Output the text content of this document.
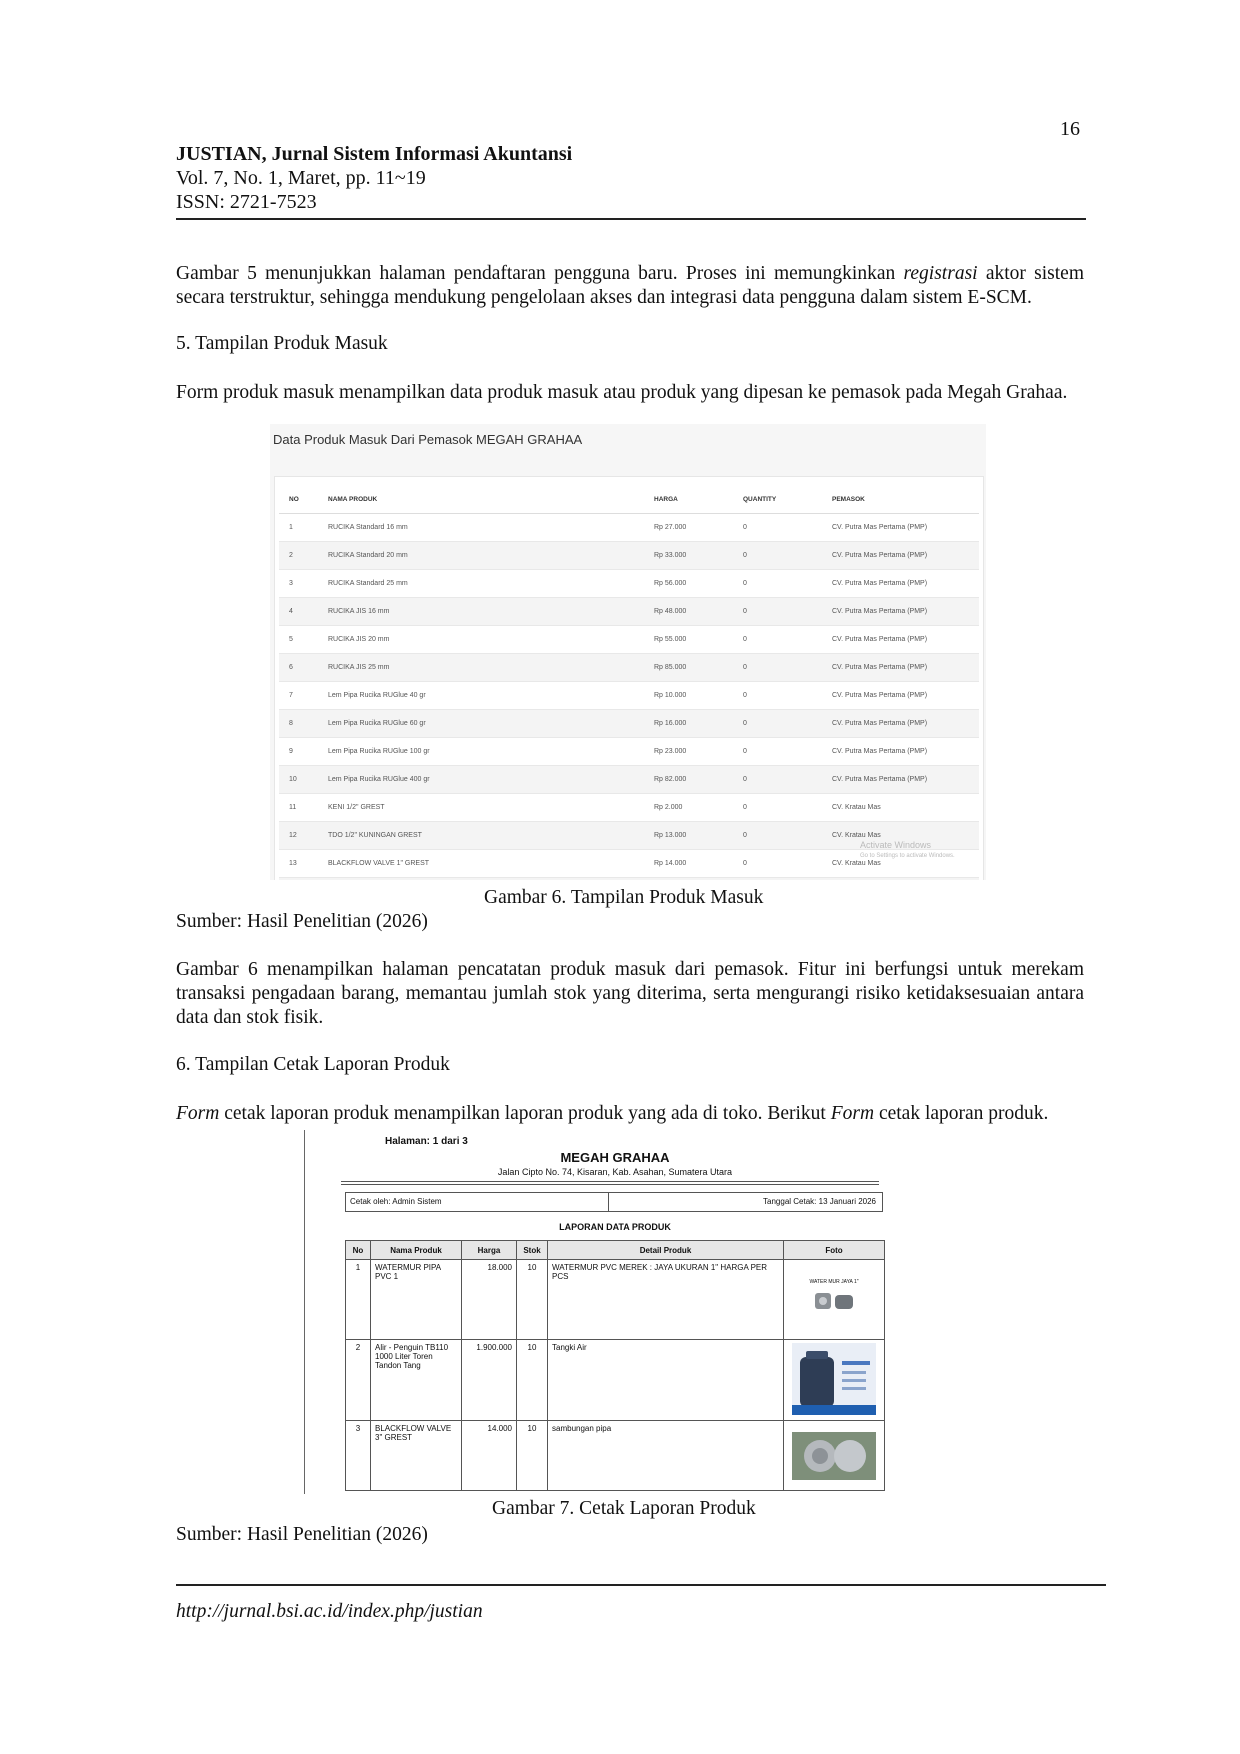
16
JUSTIAN, Jurnal Sistem Informasi Akuntansi
Vol. 7, No. 1, Maret, pp. 11~19
ISSN: 2721-7523
Gambar 5 menunjukkan halaman pendaftaran pengguna baru. Proses ini memungkinkan registrasi aktor sistem secara terstruktur, sehingga mendukung pengelolaan akses dan integrasi data pengguna dalam sistem E-SCM.
5. Tampilan Produk Masuk
Form produk masuk menampilkan data produk masuk atau produk yang dipesan ke pemasok pada Megah Grahaa.
Data Produk Masuk Dari Pemasok MEGAH GRAHAA
NO	NAMA PRODUK	HARGA	QUANTITY	PEMASOK
1	RUCIKA Standard 16 mm	Rp 27.000	0	CV. Putra Mas Pertama (PMP)
2	RUCIKA Standard 20 mm	Rp 33.000	0	CV. Putra Mas Pertama (PMP)
3	RUCIKA Standard 25 mm	Rp 56.000	0	CV. Putra Mas Pertama (PMP)
4	RUCIKA JIS 16 mm	Rp 48.000	0	CV. Putra Mas Pertama (PMP)
5	RUCIKA JIS 20 mm	Rp 55.000	0	CV. Putra Mas Pertama (PMP)
6	RUCIKA JIS 25 mm	Rp 85.000	0	CV. Putra Mas Pertama (PMP)
7	Lem Pipa Rucika RUGlue 40 gr	Rp 10.000	0	CV. Putra Mas Pertama (PMP)
8	Lem Pipa Rucika RUGlue 60 gr	Rp 16.000	0	CV. Putra Mas Pertama (PMP)
9	Lem Pipa Rucika RUGlue 100 gr	Rp 23.000	0	CV. Putra Mas Pertama (PMP)
10	Lem Pipa Rucika RUGlue 400 gr	Rp 82.000	0	CV. Putra Mas Pertama (PMP)
11	KENI 1/2" GREST	Rp 2.000	0	CV. Kratau Mas
12	TDO 1/2" KUNINGAN GREST	Rp 13.000	0	CV. Kratau Mas
13	BLACKFLOW VALVE 1" GREST	Rp 14.000	0	CV. Kratau Mas

Activate Windows
Go to Settings to activate Windows.
Gambar 6. Tampilan Produk Masuk
Sumber: Hasil Penelitian (2026)
Gambar 6 menampilkan halaman pencatatan produk masuk dari pemasok. Fitur ini berfungsi untuk merekam transaksi pengadaan barang, memantau jumlah stok yang diterima, serta mengurangi risiko ketidaksesuaian antara data dan stok fisik.
6. Tampilan Cetak Laporan Produk
Form cetak laporan produk menampilkan laporan produk yang ada di toko. Berikut Form cetak laporan produk.
Halaman: 1 dari 3
MEGAH GRAHAA
Jalan Cipto No. 74, Kisaran, Kab. Asahan, Sumatera Utara
Cetak oleh: Admin Sistem	Tanggal Cetak: 13 Januari 2026
LAPORAN DATA PRODUK
No	Nama Produk	Harga	Stok	Detail Produk	Foto
1	WATERMUR PIPA PVC 1	18.000	10	WATERMUR PVC MEREK : JAYA UKURAN 1" HARGA PER PCS	WATER MUR JAYA 1"

2	Alir - Penguin TB110 1000 Liter Toren Tandon Tang	1.900.000	10	Tangki Air	
3	BLACKFLOW VALVE 3" GREST	14.000	10	sambungan pipa	
Gambar 7. Cetak Laporan Produk
Sumber: Hasil Penelitian (2026)
http://jurnal.bsi.ac.id/index.php/justian
